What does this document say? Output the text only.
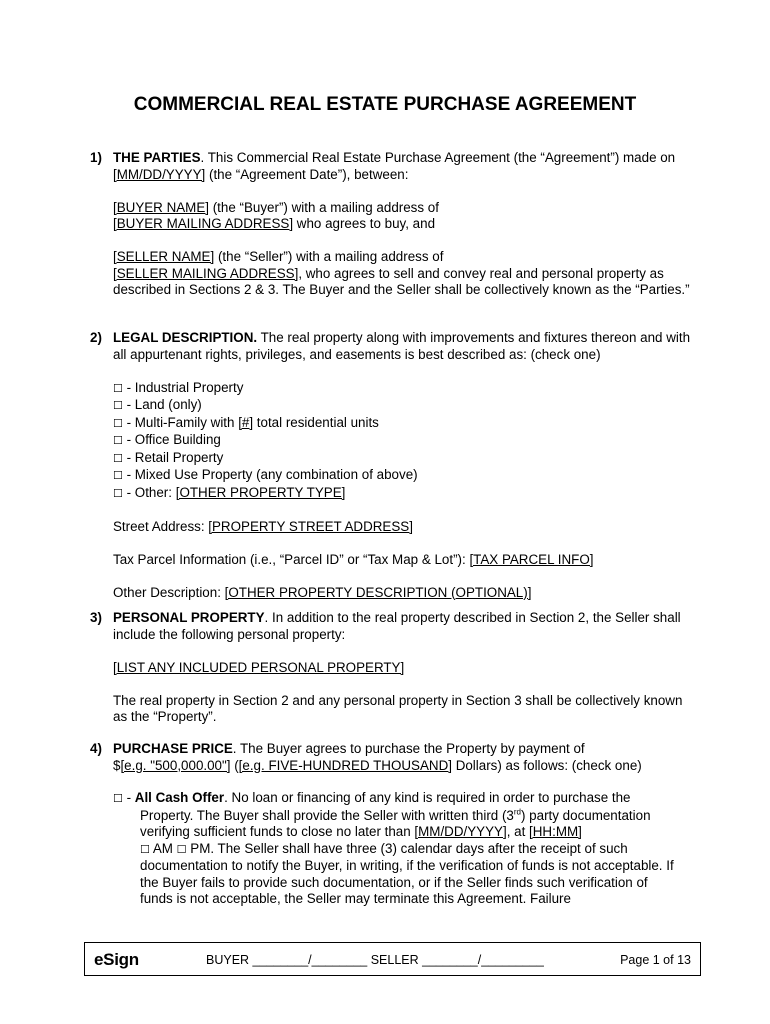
COMMERCIAL REAL ESTATE PURCHASE AGREEMENT
1) THE PARTIES. This Commercial Real Estate Purchase Agreement (the “Agreement”) made on [MM/DD/YYYY] (the “Agreement Date”), between:

[BUYER NAME] (the “Buyer”) with a mailing address of
[BUYER MAILING ADDRESS] who agrees to buy, and

[SELLER NAME] (the “Seller”) with a mailing address of
[SELLER MAILING ADDRESS], who agrees to sell and convey real and personal property as described in Sections 2 & 3. The Buyer and the Seller shall be collectively known as the “Parties.”

2) LEGAL DESCRIPTION. The real property along with improvements and fixtures thereon and with all appurtenant rights, privileges, and easements is best described as: (check one)

☐ - Industrial Property

☐ - Land (only)

☐ - Multi-Family with [#] total residential units

☐ - Office Building

☐ - Retail Property

☐ - Mixed Use Property (any combination of above)

☐ - Other: [OTHER PROPERTY TYPE]

Street Address: [PROPERTY STREET ADDRESS]

Tax Parcel Information (i.e., “Parcel ID” or “Tax Map & Lot”): [TAX PARCEL INFO]

Other Description: [OTHER PROPERTY DESCRIPTION (OPTIONAL)]

3) PERSONAL PROPERTY. In addition to the real property described in Section 2, the Seller shall include the following personal property:

[LIST ANY INCLUDED PERSONAL PROPERTY]

The real property in Section 2 and any personal property in Section 3 shall be collectively known as the “Property”.

4) PURCHASE PRICE. The Buyer agrees to purchase the Property by payment of
$[e.g. "500,000.00"] ([e.g. FIVE-HUNDRED THOUSAND] Dollars) as follows: (check one)

☐ - All Cash Offer. No loan or financing of any kind is required in order to purchase the

Property. The Buyer shall provide the Seller with written third (3rd) party documentation verifying sufficient funds to close no later than [MM/DD/YYYY], at [HH:MM]
☐ AM ☐ PM. The Seller shall have three (3) calendar days after the receipt of such documentation to notify the Buyer, in writing, if the verification of funds is not acceptable. If the Buyer fails to provide such documentation, or if the Seller finds such verification of funds is not acceptable, the Seller may terminate this Agreement. Failure

eSign	BUYER ________/________ SELLER ________/_________	Page 1 of 13
